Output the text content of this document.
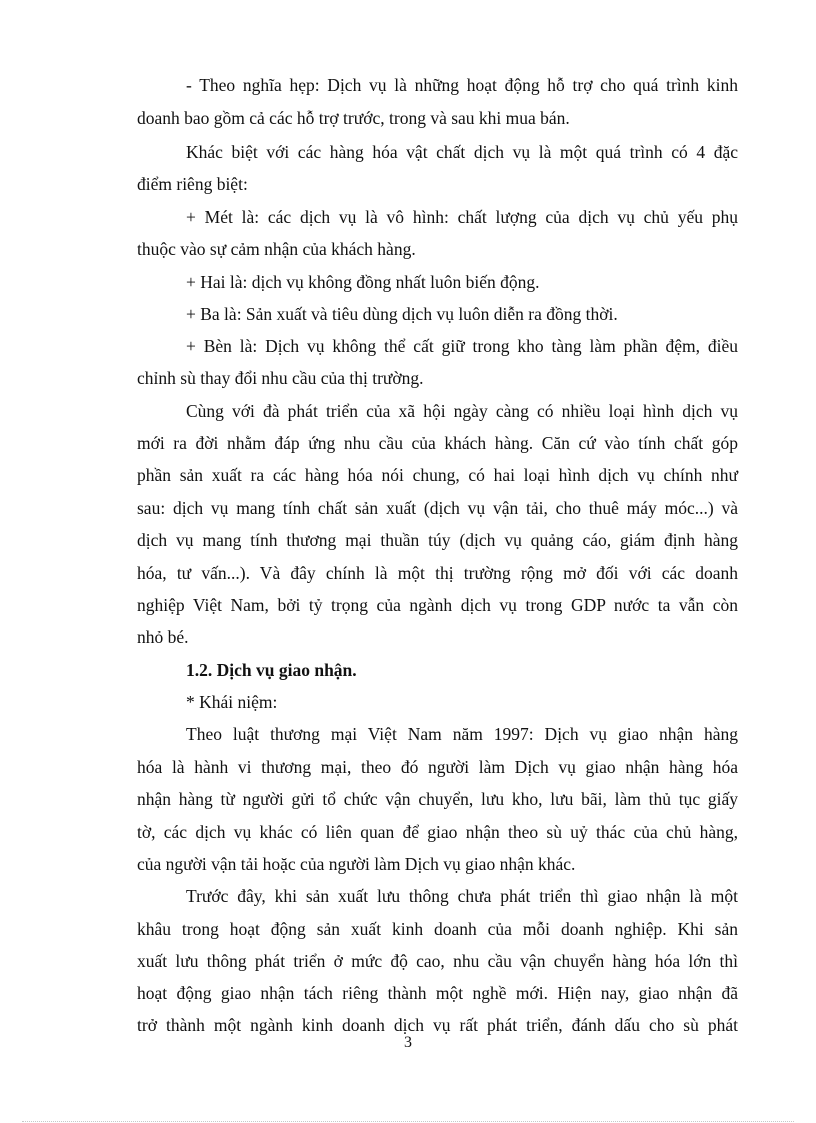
- Theo nghĩa hẹp: Dịch vụ là những hoạt động hỗ trợ cho quá trình kinh
doanh bao gồm cả các hỗ trợ trước, trong và sau khi mua bán.
Khác biệt với các hàng hóa vật chất dịch vụ là một quá trình có 4 đặc
điểm riêng biệt:
+ Mét là: các dịch vụ là vô hình: chất lượng của dịch vụ chủ yếu phụ
thuộc vào sự cảm nhận của khách hàng.
+ Hai là: dịch vụ không đồng nhất luôn biến động.
+ Ba là: Sản xuất và tiêu dùng dịch vụ luôn diễn ra đồng thời.
+ Bèn là: Dịch vụ không thể cất giữ trong kho tàng làm phần đệm, điều
chỉnh sù thay đổi nhu cầu của thị trường.
Cùng với đà phát triển của xã hội ngày càng có nhiều loại hình dịch vụ
mới ra đời nhằm đáp ứng nhu cầu của khách hàng. Căn cứ vào tính chất góp
phần sản xuất ra các hàng hóa nói chung, có hai loại hình dịch vụ chính như
sau: dịch vụ mang tính chất sản xuất (dịch vụ vận tải, cho thuê máy móc...) và
dịch vụ mang tính thương mại thuần túy (dịch vụ quảng cáo, giám định hàng
hóa, tư vấn...). Và đây chính là một thị trường rộng mở đối với các doanh
nghiệp Việt Nam, bởi tỷ trọng của ngành dịch vụ trong GDP nước ta vẫn còn
nhỏ bé.
1.2. Dịch vụ giao nhận.
* Khái niệm:
Theo luật thương mại Việt Nam năm 1997: Dịch vụ giao nhận hàng
hóa là hành vi thương mại, theo đó người làm Dịch vụ giao nhận hàng hóa
nhận hàng từ người gửi tổ chức vận chuyển, lưu kho, lưu bãi, làm thủ tục giấy
tờ, các dịch vụ khác có liên quan để giao nhận theo sù uỷ thác của chủ hàng,
của người vận tải hoặc của người làm Dịch vụ giao nhận khác.
Trước đây, khi sản xuất lưu thông chưa phát triển thì giao nhận là một
khâu trong hoạt động sản xuất kinh doanh của mỗi doanh nghiệp. Khi sản
xuất lưu thông phát triển ở mức độ cao, nhu cầu vận chuyển hàng hóa lớn thì
hoạt động giao nhận tách riêng thành một nghề mới. Hiện nay, giao nhận đã
trở thành một ngành kinh doanh dịch vụ rất phát triển, đánh dấu cho sù phát
3
